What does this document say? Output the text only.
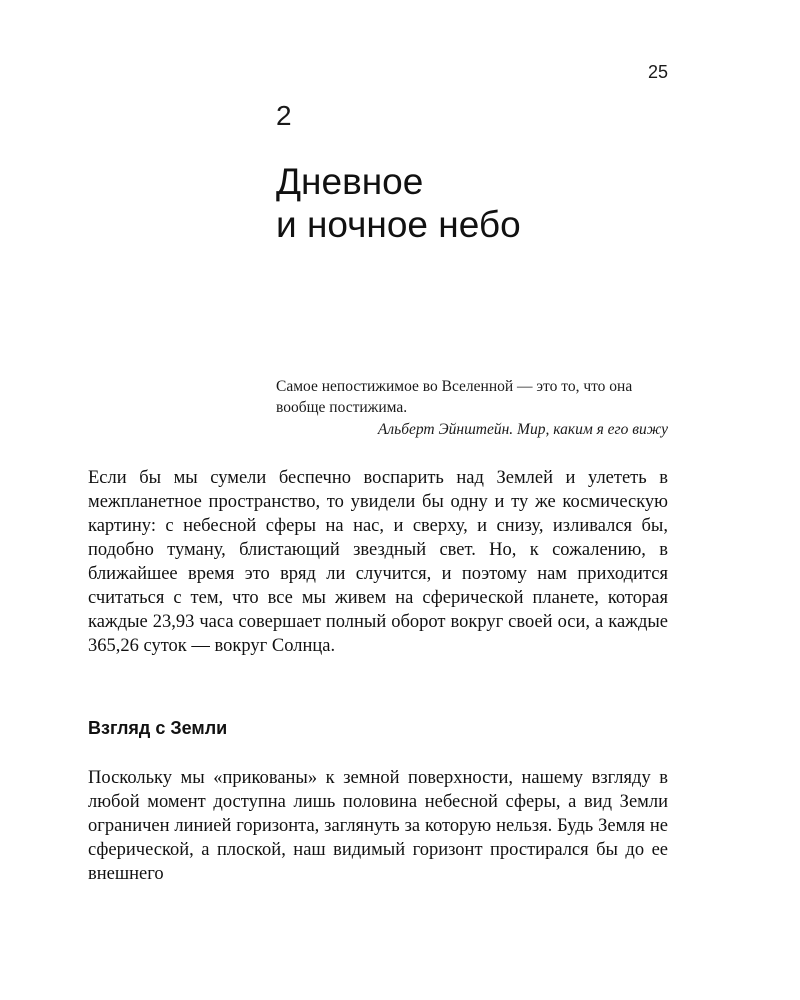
25
2
Дневное
и ночное небо

Самое непостижимое во Вселенной — это то, что она вообще постижима.

Альберт Эйнштейн. Мир, каким я его вижу

Если бы мы сумели беспечно воспарить над Землей и улететь в межпланетное пространство, то увидели бы одну и ту же космическую картину: с небесной сферы на нас, и сверху, и снизу, изливался бы, подобно туману, блистающий звездный свет. Но, к сожалению, в ближайшее время это вряд ли случится, и поэтому нам приходится считаться с тем, что все мы живем на сферической планете, которая каждые 23,93 часа совершает полный оборот вокруг своей оси, а каждые 365,26 суток — вокруг Солнца.

Взгляд с Земли

Поскольку мы «прикованы» к земной поверхности, нашему взгляду в любой момент доступна лишь половина небесной сферы, а вид Земли ограничен линией горизонта, заглянуть за которую нельзя. Будь Земля не сферической, а плоской, наш видимый горизонт простирался бы до ее внешнего
